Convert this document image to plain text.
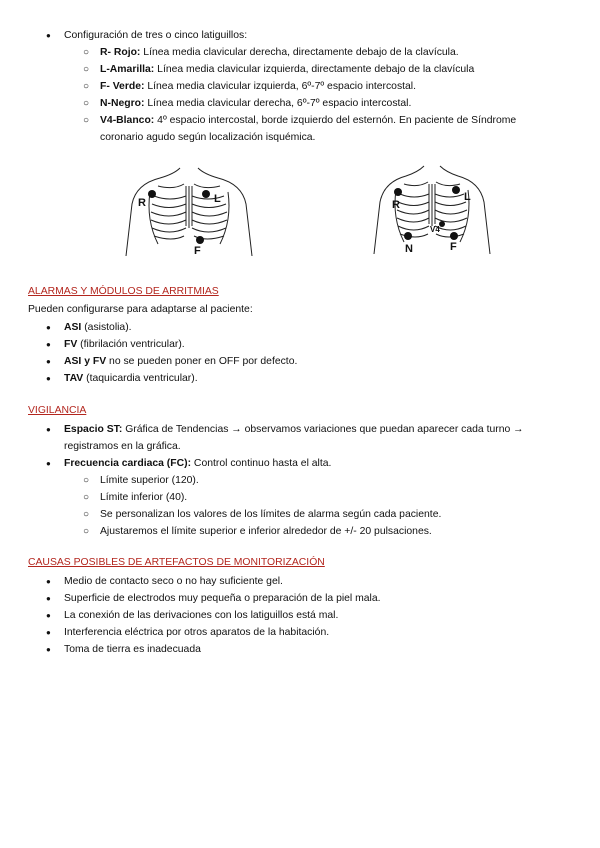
● Configuración de tres o cinco latiguillos:
○ R- Rojo: Línea media clavicular derecha, directamente debajo de la clavícula.
○ L-Amarilla: Línea media clavicular izquierda, directamente debajo de la clavícula
○ F- Verde: Línea media clavicular izquierda, 6º-7º espacio intercostal.
○ N-Negro: Línea media clavicular derecha, 6º-7º espacio intercostal.
○ V4-Blanco: 4º espacio intercostal, borde izquierdo del esternón. En paciente de Síndrome coronario agudo según localización isquémica.
R	L
F
R
L
V4
N	F
ALARMAS Y MÓDULOS DE ARRITMIAS
Pueden configurarse para adaptarse al paciente:
● ASI (asistolia).
● FV (fibrilación ventricular).
● ASI y FV no se pueden poner en OFF por defecto.
● TAV (taquicardia ventricular).
VIGILANCIA
● Espacio ST: Gráfica de Tendencias → observamos variaciones que puedan aparecer cada turno → registramos en la gráfica.
● Frecuencia cardiaca (FC): Control continuo hasta el alta.
○ Límite superior (120).
○ Límite inferior (40).
○ Se personalizan los valores de los límites de alarma según cada paciente.
○ Ajustaremos el límite superior e inferior alrededor de +/- 20 pulsaciones.
CAUSAS POSIBLES DE ARTEFACTOS DE MONITORIZACIÓN
● Medio de contacto seco o no hay suficiente gel.
● Superficie de electrodos muy pequeña o preparación de la piel mala.
● La conexión de las derivaciones con los latiguillos está mal.
● Interferencia eléctrica por otros aparatos de la habitación.
● Toma de tierra es inadecuada
